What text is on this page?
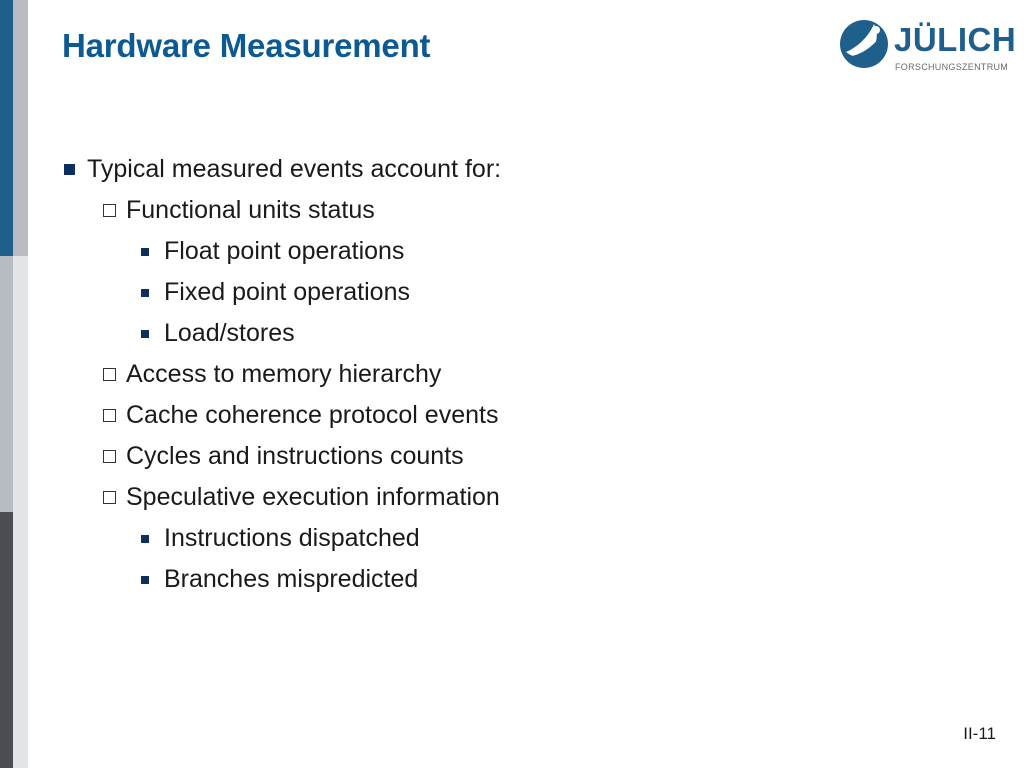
Hardware Measurement	JÜLICH
FORSCHUNGSZENTRUM
Typical measured events account for:
Functional units status
Float point operations
Fixed point operations
Load/stores
Access to memory hierarchy
Cache coherence protocol events
Cycles and instructions counts
Speculative execution information
Instructions dispatched
Branches mispredicted
II-11
